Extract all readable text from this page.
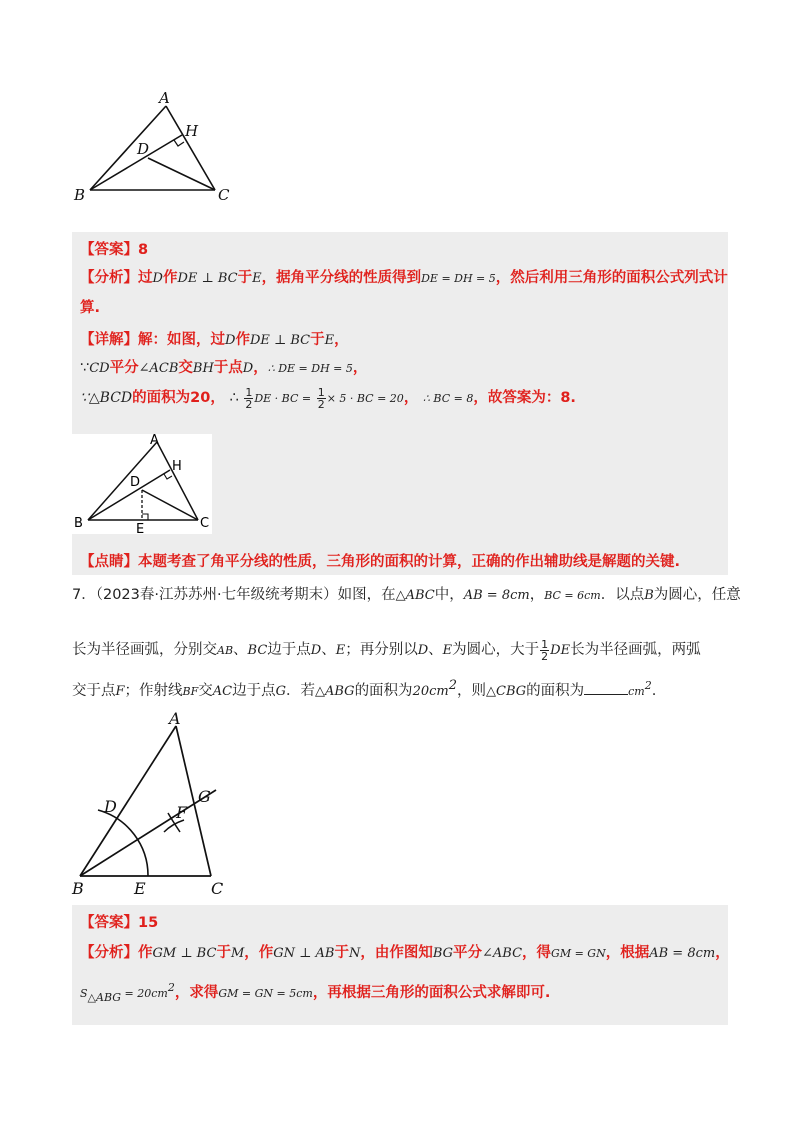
A
H
D
B	C
【答案】8
【分析】过D作DE ⊥ BC于E，据角平分线的性质得到DE = DH = 5，然后利用三角形的面积公式列式计
算.
【详解】解：如图，过D作DE ⊥ BC于E，
∵CD平分∠ACB交BH于点D，∴ DE = DH = 5，
∵△BCD的面积为20， ∴ $\frac{1}{2}$ DE · BC = $\frac{1}{2} \times 5$ · BC = 20， ∴ BC = 8，故答案为：8.
A
H
D
B	E	C
【点睛】本题考查了角平分线的性质，三角形的面积的计算，正确的作出辅助线是解题的关键.
7．（2023春·江苏苏州·七年级统考期末）如图，在△ABC中，AB = 8cm，BC = 6cm．以点B为圆心，任意
长为半径画弧，分别交AB、BC边于点D、E；再分别以D、E为圆心，大于 $\frac{1}{2}$ DE长为半径画弧，两弧
交于点F；作射线BF交AC边于点G．若△ABG的面积为$20cm^2$，则△CBG的面积为	$cm^2$.
A
D	F
G
B	E	C
【答案】15
【分析】作GM ⊥ BC于M，作GN ⊥ AB于N，由作图知BG平分∠ABC，得GM = GN，根据AB = 8cm，
$S_{\triangle ABG} = 20cm^2$，求得GM = GN = 5cm，再根据三角形的面积公式求解即可.
